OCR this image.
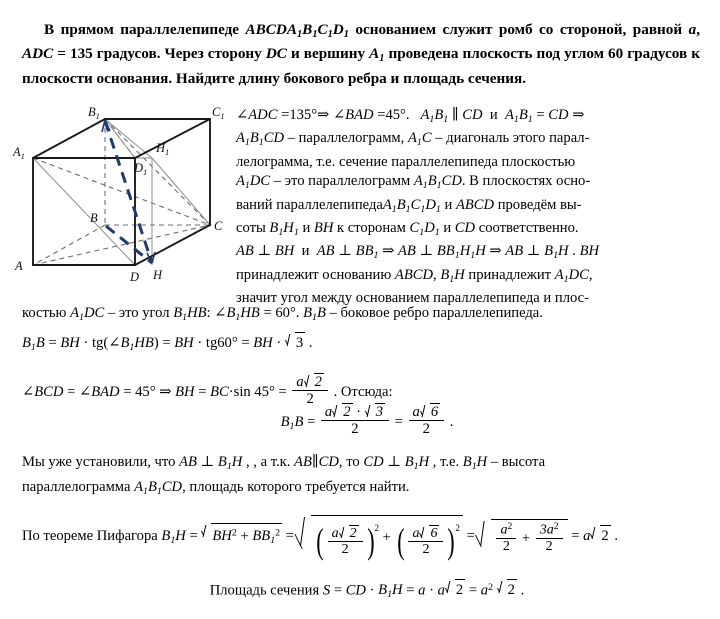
В прямом параллелепипеде $ABCDA_1B_1C_1D_1$ основанием служит ромб со стороной, равной a, ADC = 135 градусов. Через сторону DC и вершину $A_1$ проведена плоскость под углом 60 градусов к плоскости основания. Найдите длину бокового ребра и площадь сечения.
$A_1$
$B_1$	$C_1$
$D_1$
$H_1$
A
B
C
D H
∠ADC =135°⇒ ∠BAD =45°. $A_1B_1$ ∥ CD и $A_1B_1$ = CD ⇒
$A_1B_1CD$ – параллелограмм, $A_1C$ – диагональ этого парал-
лелограмма, т.е. сечение параллелепипеда плоскостью
$A_1DC$ – это параллелограмм $A_1B_1CD$. В плоскостях осно-
ваний $параллелепипедаA_1B_1C_1D_1$ и ABCD проведём вы-
соты $B_1H_1$ и BH к сторонам $C_1D_1$ и CD соответственно.
AB ⊥ BH и AB ⊥ $BB_1$ ⇒ AB ⊥ $BB_1H_1H$ ⇒ AB ⊥ $B_1H$ . BH
принадлежит основанию ABCD, $B_1H$ принадлежит $A_1DC$,
значит угол между основанием параллелепипеда и плос-
костью $A_1DC$ – это угол $B_1HB$: $\angle B_1HB = 60^\circ$. $B_1B$ – боковое ребро параллелепипеда.
$B_1B$ = BH · $tg(\angle B_1HB)$ = BH · tg60° = BH · 3 .
∠BCD = ∠BAD = 45° ⇒ BH = BC·sin $45^\circ = \frac{a 2}{2}$ . Отсюда:
$B_1B = \frac{a 2 \cdot 3}{2} = \frac{a 6}{2}$ .
Мы уже установили, что AB ⊥ $B_1H$ , , а т.к. AB∥CD, то CD ⊥ $B_1H$ , т.е. $B_1H$ – высота
параллелограмма $A_1B_1CD$, площадь которого требуется найти.
По теореме Пифагора $B_1H = BH^2 + BB_1^2$ = ( $\frac{a 2}{2} )^2$ + ( $\frac{a 6}{2} )^2 = \frac{a^2}{2} + \frac{3a^2}{2} = a$ 2 .
Площадь сечения S = CD · $B_1H = a \cdot a$ $2 = a^2$ 2 .
